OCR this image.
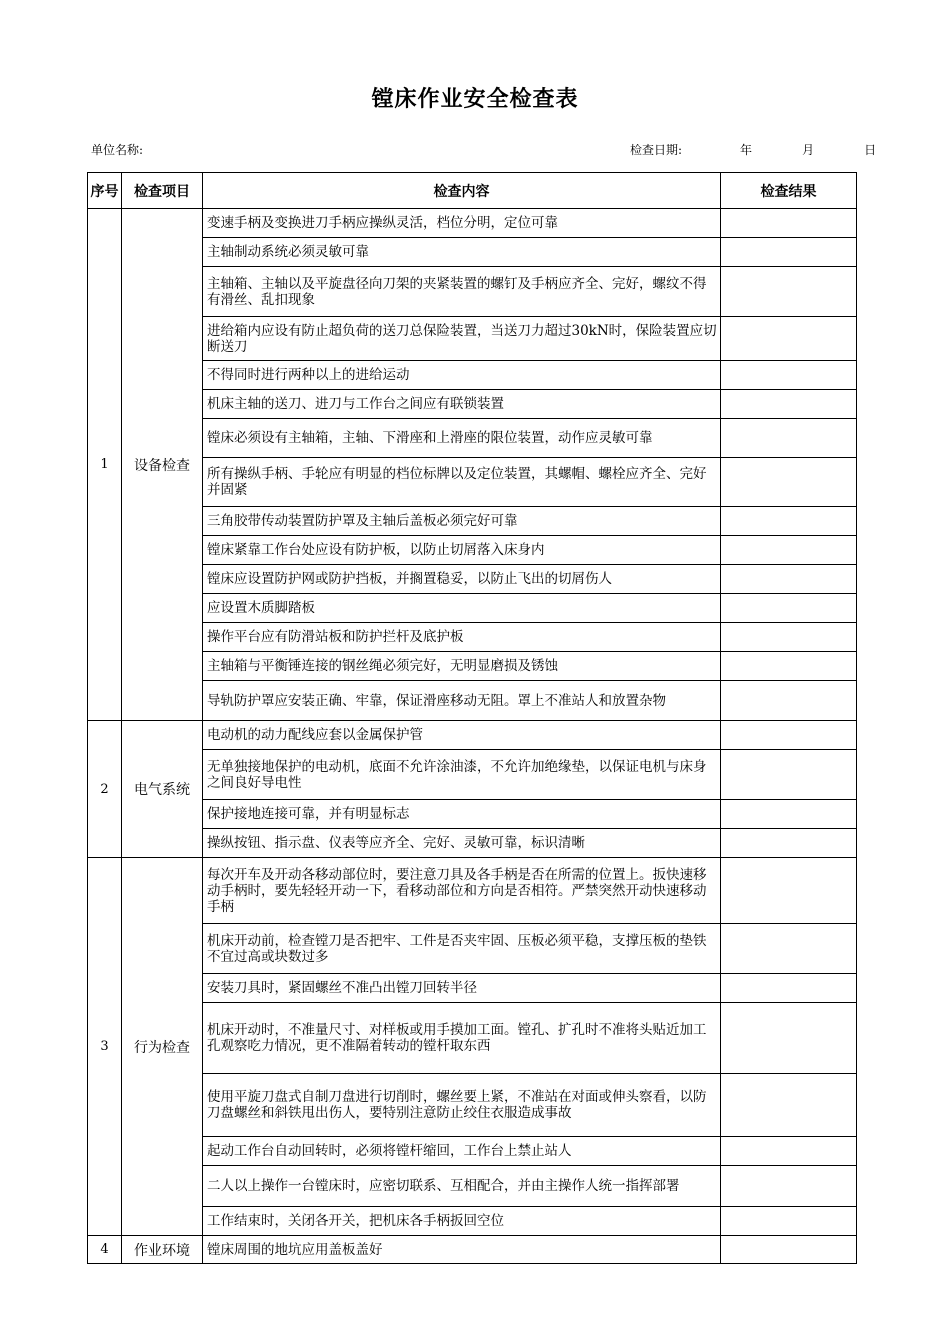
镗床作业安全检查表
单位名称:	检查日期:	年	月	日
序号	检查项目	检查内容	检查结果
1	设备检查	变速手柄及变换进刀手柄应操纵灵活，档位分明，定位可靠	
		主轴制动系统必须灵敏可靠	
		主轴箱、主轴以及平旋盘径向刀架的夹紧装置的螺钉及手柄应齐全、完好，螺纹不得有滑丝、乱扣现象	
		进给箱内应设有防止超负荷的送刀总保险装置，当送刀力超过30kN时，保险装置应切断送刀	
		不得同时进行两种以上的进给运动	
		机床主轴的送刀、进刀与工作台之间应有联锁装置	
		镗床必须设有主轴箱，主轴、下滑座和上滑座的限位装置，动作应灵敏可靠	
		所有操纵手柄、手轮应有明显的档位标牌以及定位装置，其螺帽、螺栓应齐全、完好并固紧	
		三角胶带传动装置防护罩及主轴后盖板必须完好可靠	
		镗床紧靠工作台处应设有防护板，以防止切屑落入床身内	
		镗床应设置防护网或防护挡板，并搁置稳妥，以防止飞出的切屑伤人	
		应设置木质脚踏板	
		操作平台应有防滑站板和防护拦杆及底护板	
		主轴箱与平衡锤连接的钢丝绳必须完好，无明显磨损及锈蚀	
		导轨防护罩应安装正确、牢靠，保证滑座移动无阻。罩上不准站人和放置杂物	
2	电气系统	电动机的动力配线应套以金属保护管	
		无单独接地保护的电动机，底面不允许涂油漆，不允许加绝缘垫，以保证电机与床身之间良好导电性	
		保护接地连接可靠，并有明显标志	
		操纵按钮、指示盘、仪表等应齐全、完好、灵敏可靠，标识清晰	
3	行为检查	每次开车及开动各移动部位时，要注意刀具及各手柄是否在所需的位置上。扳快速移动手柄时，要先轻轻开动一下，看移动部位和方向是否相符。严禁突然开动快速移动手柄	
		机床开动前，检查镗刀是否把牢、工件是否夹牢固、压板必须平稳，支撑压板的垫铁不宜过高或块数过多	
		安装刀具时，紧固螺丝不准凸出镗刀回转半径	
		机床开动时，不准量尺寸、对样板或用手摸加工面。镗孔、扩孔时不准将头贴近加工孔观察吃力情况，更不准隔着转动的镗杆取东西	
		使用平旋刀盘式自制刀盘进行切削时，螺丝要上紧，不准站在对面或伸头察看，以防刀盘螺丝和斜铁甩出伤人，要特别注意防止绞住衣服造成事故	
		起动工作台自动回转时，必须将镗杆缩回，工作台上禁止站人	
		二人以上操作一台镗床时，应密切联系、互相配合，并由主操作人统一指挥部署	
		工作结束时，关闭各开关，把机床各手柄扳回空位	
4	作业环境	镗床周围的地坑应用盖板盖好	
